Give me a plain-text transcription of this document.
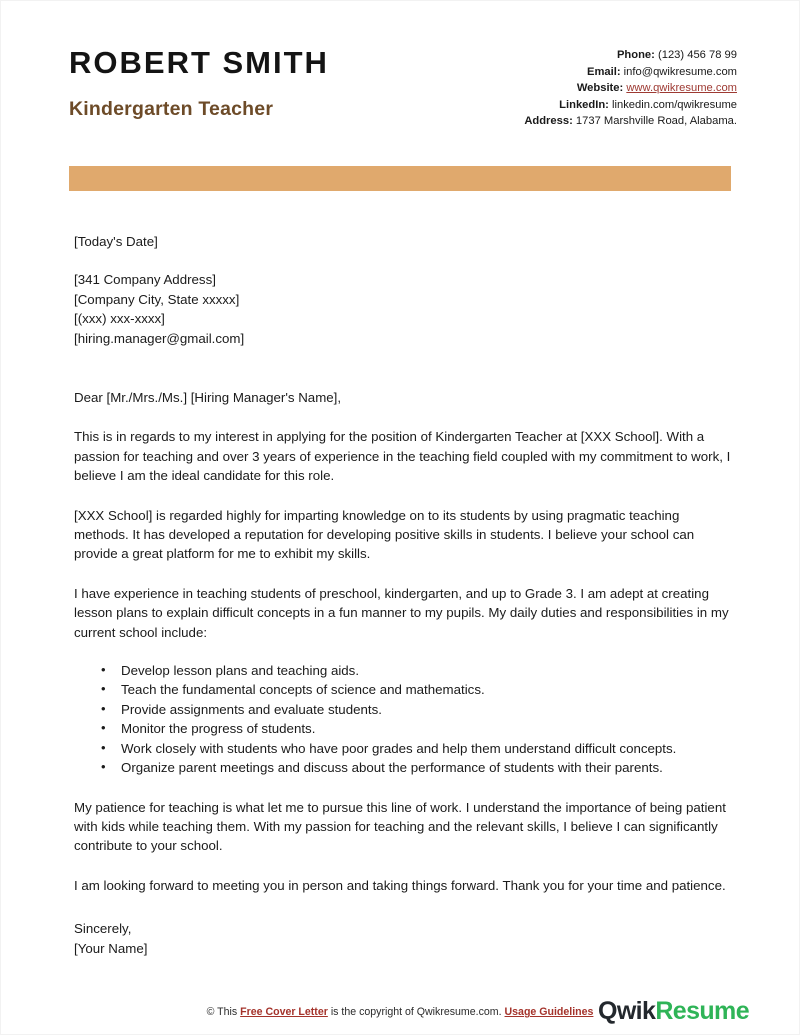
ROBERT SMITH
Kindergarten Teacher
Phone: (123) 456 78 99
Email: info@qwikresume.com
Website: www.qwikresume.com
LinkedIn: linkedin.com/qwikresume
Address: 1737 Marshville Road, Alabama.
[Today's Date]
[341 Company Address]
[Company City, State xxxxx]
[(xxx) xxx-xxxx]
[hiring.manager@gmail.com]
Dear [Mr./Mrs./Ms.] [Hiring Manager's Name],
This is in regards to my interest in applying for the position of Kindergarten Teacher at [XXX School]. With a passion for teaching and over 3 years of experience in the teaching field coupled with my commitment to work, I believe I am the ideal candidate for this role.
[XXX School] is regarded highly for imparting knowledge on to its students by using pragmatic teaching methods. It has developed a reputation for developing positive skills in students. I believe your school can provide a great platform for me to exhibit my skills.
I have experience in teaching students of preschool, kindergarten, and up to Grade 3. I am adept at creating lesson plans to explain difficult concepts in a fun manner to my pupils. My daily duties and responsibilities in my current school include:
• Develop lesson plans and teaching aids.
• Teach the fundamental concepts of science and mathematics.
• Provide assignments and evaluate students.
• Monitor the progress of students.
• Work closely with students who have poor grades and help them understand difficult concepts.
• Organize parent meetings and discuss about the performance of students with their parents.
My patience for teaching is what let me to pursue this line of work. I understand the importance of being patient with kids while teaching them. With my passion for teaching and the relevant skills, I believe I can significantly contribute to your school.
I am looking forward to meeting you in person and taking things forward. Thank you for your time and patience.
Sincerely,
[Your Name]
© This Free Cover Letter is the copyright of Qwikresume.com. Usage Guidelines QwikResume
